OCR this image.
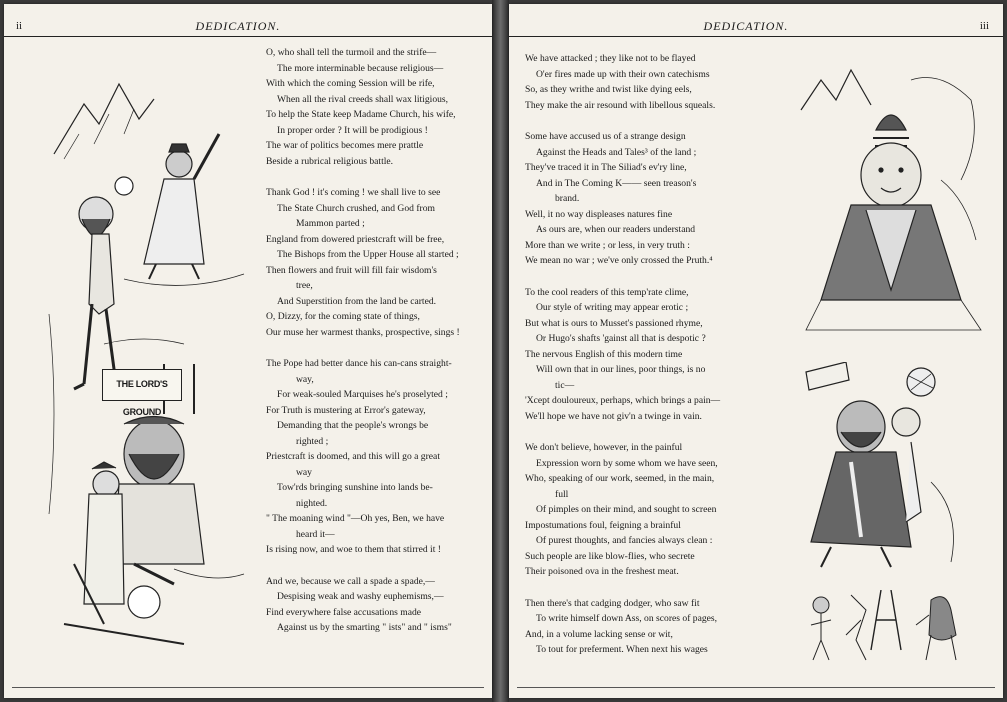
ii	DEDICATION.
THE LORD'S GROUND
O, who shall tell the turmoil and the strife—
The more interminable because religious—
With which the coming Session will be rife,
When all the rival creeds shall wax litigious,
To help the State keep Madame Church, his wife,
In proper order ? It will be prodigious !
The war of politics becomes mere prattle
Beside a rubrical religious battle.
Thank God ! it's coming ! we shall live to see
The State Church crushed, and God from
Mammon parted ;
England from dowered priestcraft will be free,
The Bishops from the Upper House all started ;
Then flowers and fruit will fill fair wisdom's
tree,
And Superstition from the land be carted.
O, Dizzy, for the coming state of things,
Our muse her warmest thanks, prospective, sings !
The Pope had better dance his can-cans straight-
way,
For weak-souled Marquises he's proselyted ;
For Truth is mustering at Error's gateway,
Demanding that the people's wrongs be
righted ;
Priestcraft is doomed, and this will go a great
way
Tow'rds bringing sunshine into lands be-
nighted.
" The moaning wind "—Oh yes, Ben, we have
heard it—
Is rising now, and woe to them that stirred it !
And we, because we call a spade a spade,—
Despising weak and washy euphemisms,—
Find everywhere false accusations made
Against us by the smarting " ists" and " isms"
DEDICATION.	iii
We have attacked ; they like not to be flayed
O'er fires made up with their own catechisms
So, as they writhe and twist like dying eels,
They make the air resound with libellous squeals.
Some have accused us of a strange design
Against the Heads and Tales³ of the land ;
They've traced it in The Siliad's ev'ry line,
And in The Coming K—— seen treason's
brand.
Well, it no way displeases natures fine
As ours are, when our readers understand
More than we write ; or less, in very truth :
We mean no war ; we've only crossed the Pruth.⁴
To the cool readers of this temp'rate clime,
Our style of writing may appear erotic ;
But what is ours to Musset's passioned rhyme,
Or Hugo's shafts 'gainst all that is despotic ?
The nervous English of this modern time
Will own that in our lines, poor things, is no
tic—
'Xcept douloureux, perhaps, which brings a pain—
We'll hope we have not giv'n a twinge in vain.
We don't believe, however, in the painful
Expression worn by some whom we have seen,
Who, speaking of our work, seemed, in the main,
full
Of pimples on their mind, and sought to screen
Impostumations foul, feigning a brainful
Of purest thoughts, and fancies always clean :
Such people are like blow-flies, who secrete
Their poisoned ova in the freshest meat.
Then there's that cadging dodger, who saw fit
To write himself down Ass, on scores of pages,
And, in a volume lacking sense or wit,
To tout for preferment. When next his wages
